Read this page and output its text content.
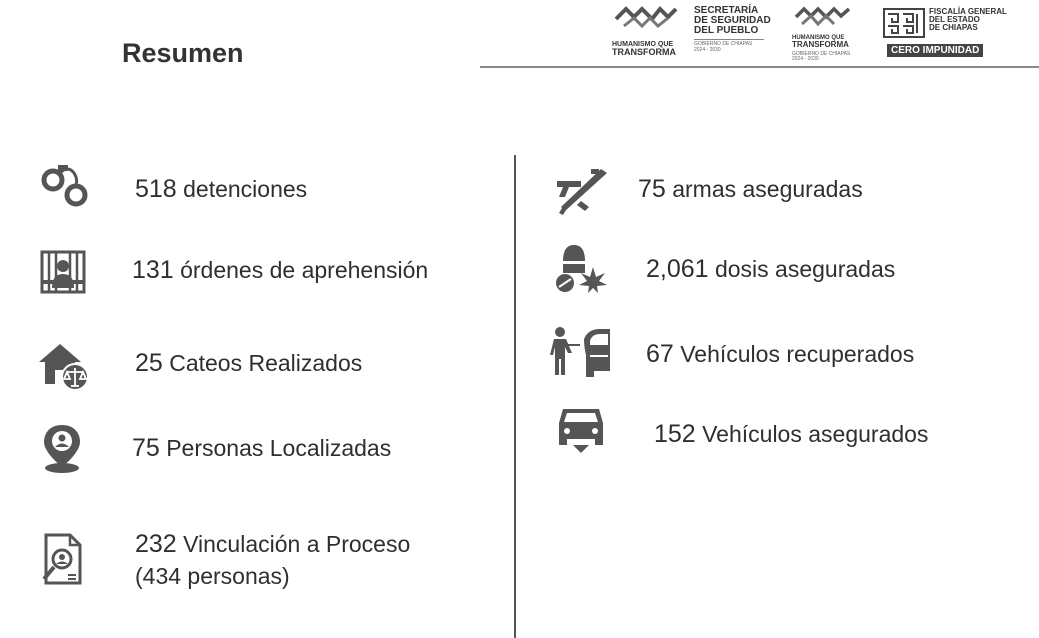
Resumen	HUMANISMO QUE
TRANSFORMA
SECRETARÍA
DE SEGURIDAD
DEL PUEBLO
GOBIERNO DE CHIAPAS
2024 - 2030
HUMANISMO QUE
TRANSFORMA
GOBIERNO DE CHIAPAS
2024 - 2030
FISCALÍA GENERAL
DEL ESTADO
DE CHIAPAS
CERO IMPUNIDAD
518 detenciones
131 órdenes de aprehensión
25 Cateos Realizados
75 Personas Localizadas
232 Vinculación a Proceso
(434 personas)
75 armas aseguradas
2,061 dosis aseguradas
67 Vehículos recuperados
152 Vehículos asegurados
